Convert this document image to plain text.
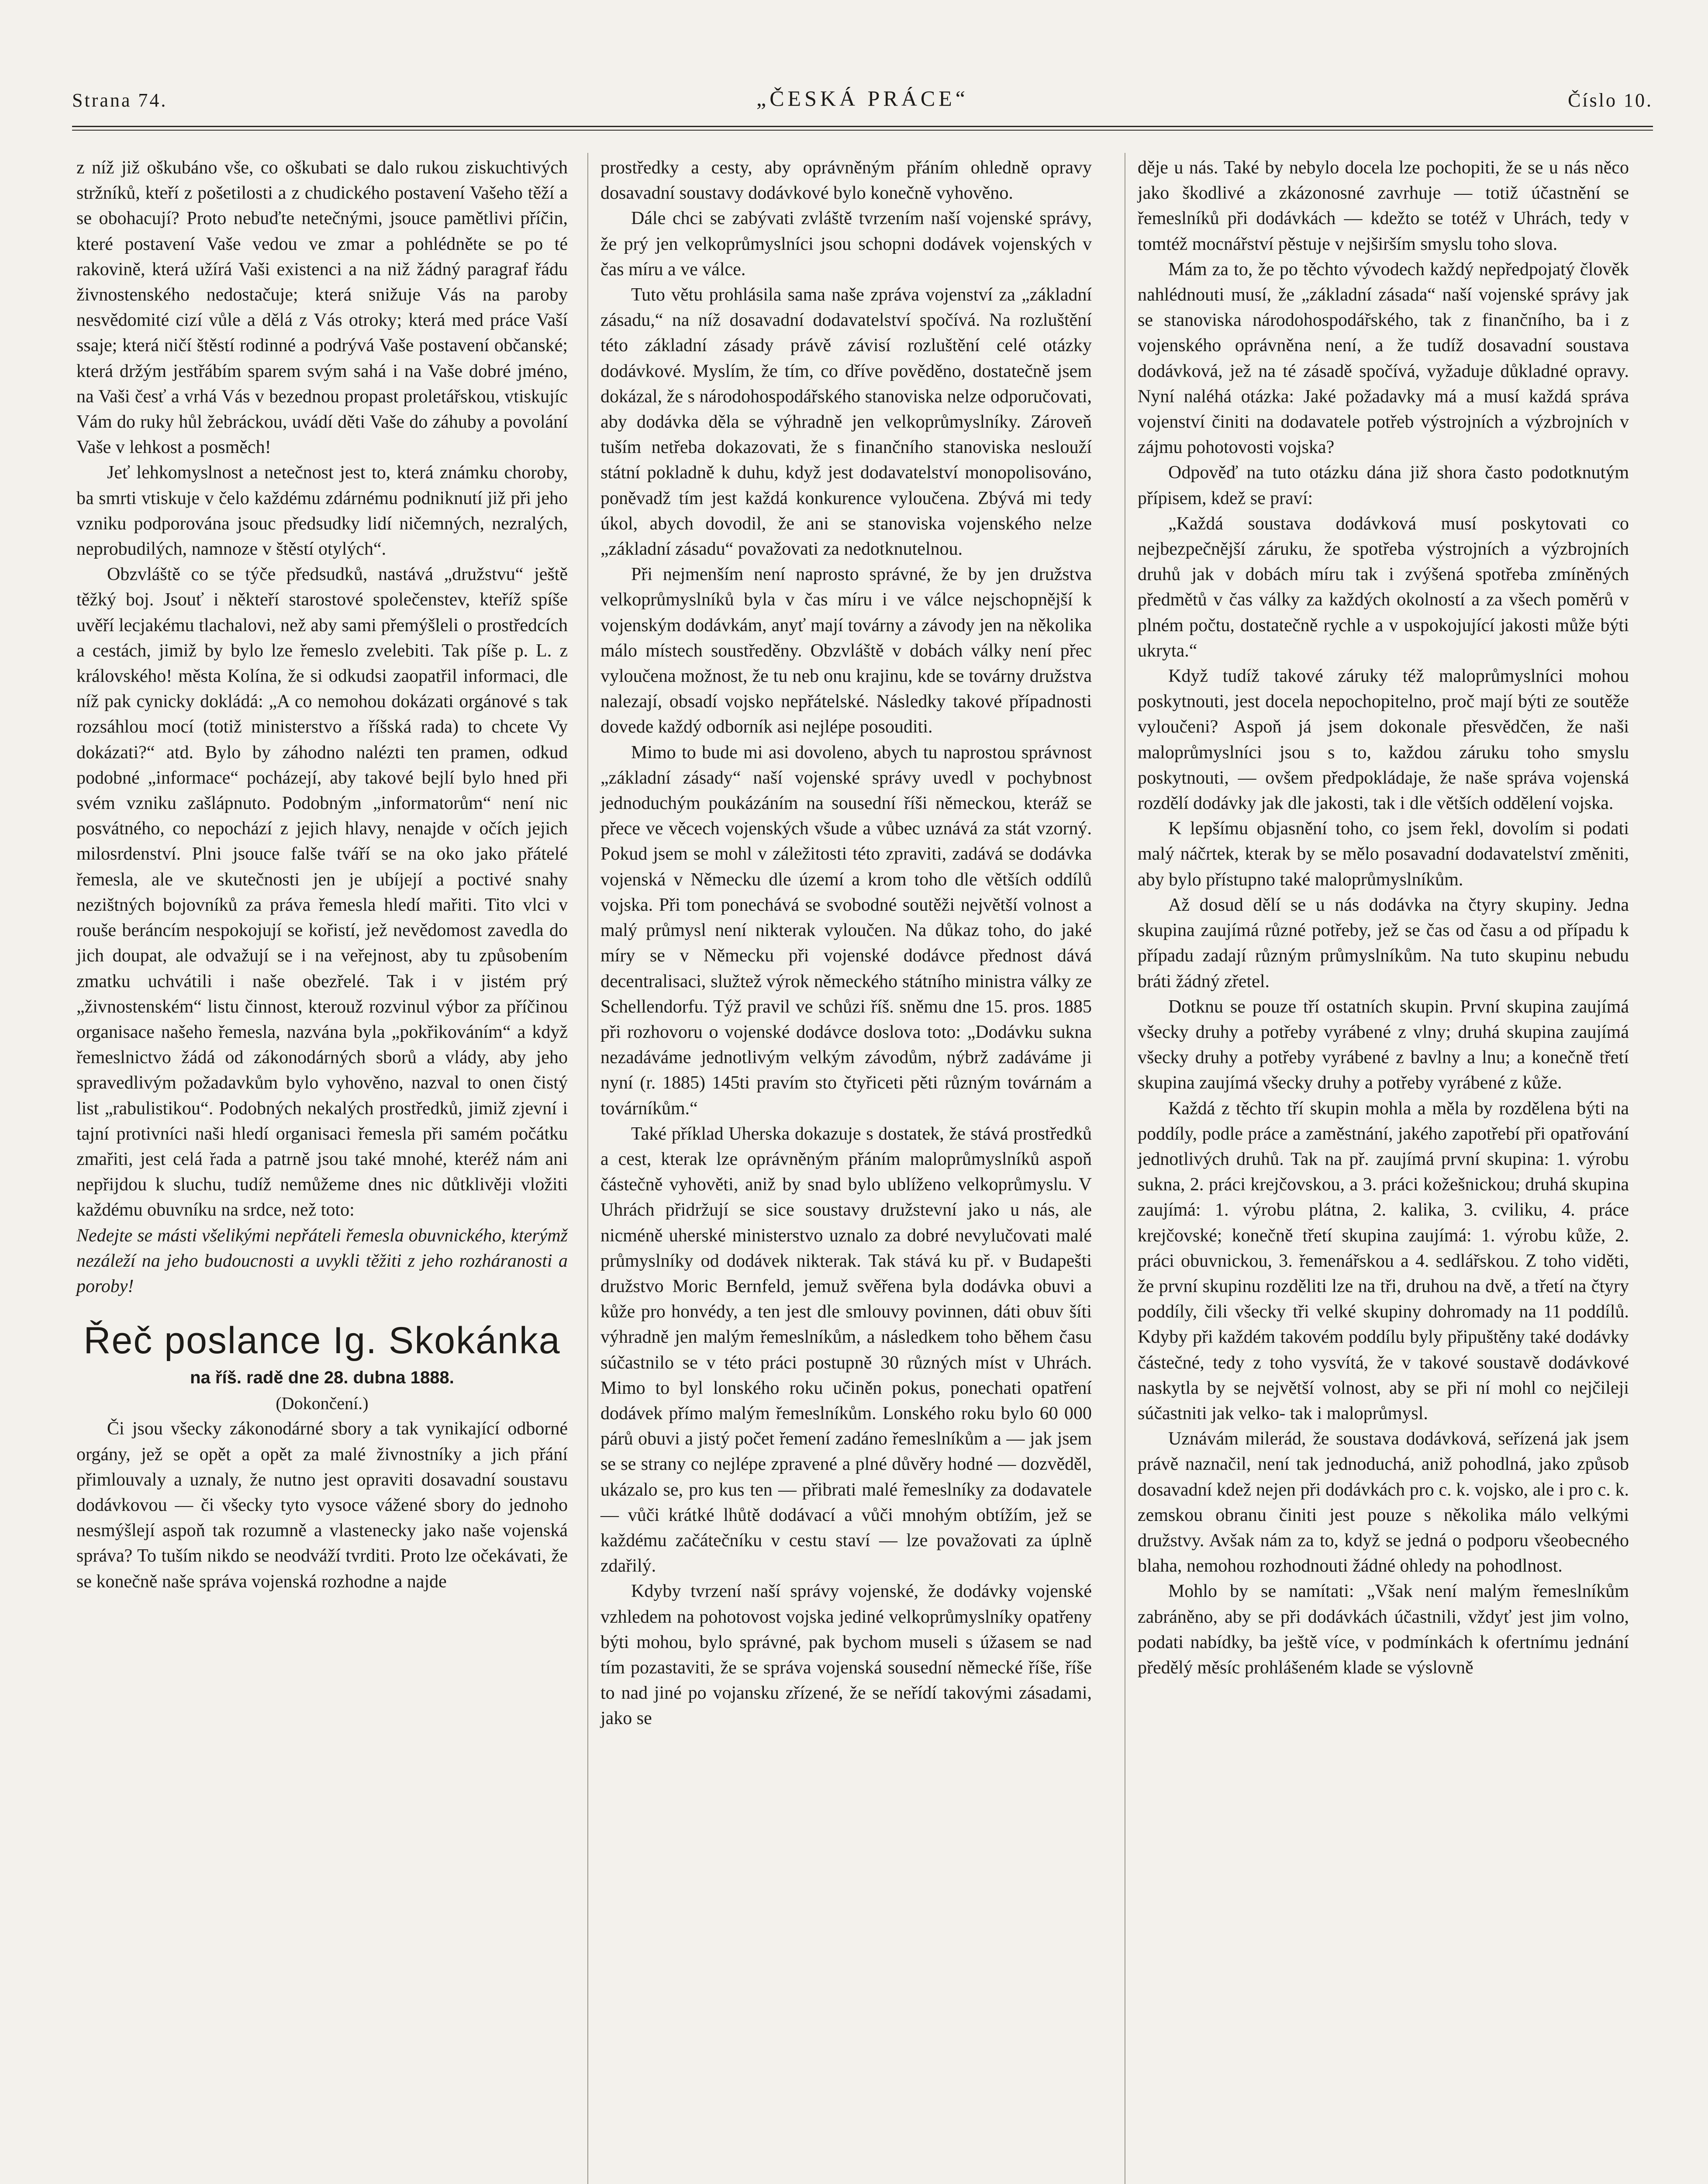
Strana 74.	„ČESKÁ PRÁCE“	Číslo 10.

z níž již oškubáno vše, co oškubati se dalo rukou ziskuchtivých stržníků, kteří z pošetilosti a z chudického postavení Vašeho těží a se obohacují? Proto nebuďte netečnými, jsouce pamětlivi příčin, které postavení Vaše vedou ve zmar a pohlédněte se po té rakovině, která užírá Vaši existenci a na niž žádný paragraf řádu živnostenského nedostačuje; která snižuje Vás na paroby nesvědomité cizí vůle a dělá z Vás otroky; která med práce Vaší ssaje; která ničí štěstí rodinné a podrývá Vaše postavení občanské; která držým jestřábím sparem svým sahá i na Vaše dobré jméno, na Vaši česť a vrhá Vás v bezednou propast proletářskou, vtiskujíc Vám do ruky hůl žebráckou, uvádí děti Vaše do záhuby a povolání Vaše v lehkost a posměch!

Jeť lehkomyslnost a netečnost jest to, která známku choroby, ba smrti vtiskuje v čelo každému zdárnému podniknutí již při jeho vzniku podporována jsouc předsudky lidí ničemných, nezralých, neprobudilých, namnoze v štěstí otylých“.

Obzvláště co se týče předsudků, nastává „družstvu“ ještě těžký boj. Jsouť i někteří starostové společenstev, kteříž spíše uvěří lecjakému tlachalovi, než aby sami přemýšleli o prostředcích a cestách, jimiž by bylo lze řemeslo zvelebiti. Tak píše p. L. z královského! města Kolína, že si odkudsi zaopatřil informaci, dle níž pak cynicky dokládá: „A co nemohou dokázati orgánové s tak rozsáhlou mocí (totiž ministerstvo a říšská rada) to chcete Vy dokázati?“ atd. Bylo by záhodno nalézti ten pramen, odkud podobné „informace“ pocházejí, aby takové bejlí bylo hned při svém vzniku zašlápnuto. Podobným „informatorům“ není nic posvátného, co nepochází z jejich hlavy, nenajde v očích jejich milosrdenství. Plni jsouce falše tváří se na oko jako přátelé řemesla, ale ve skutečnosti jen je ubíjejí a poctivé snahy nezištných bojovníků za práva řemesla hledí mařiti. Tito vlci v rouše beráncím nespokojují se kořistí, jež nevědomost zavedla do jich doupat, ale odvažují se i na veřejnost, aby tu způsobením zmatku uchvátili i naše obezřelé. Tak i v jistém prý „živnostenském“ listu činnost, kterouž rozvinul výbor za příčinou organisace našeho řemesla, nazvána byla „pokřikováním“ a když řemeslnictvo žádá od zákonodárných sborů a vlády, aby jeho spravedlivým požadavkům bylo vyhověno, nazval to onen čistý list „rabulistikou“. Podobných nekalých prostředků, jimiž zjevní i tajní protivníci naši hledí organisaci řemesla při samém počátku zmařiti, jest celá řada a patrně jsou také mnohé, kteréž nám ani nepřijdou k sluchu, tudíž nemůžeme dnes nic důtklivěji vložiti každému obuvníku na srdce, než toto:

Nedejte se másti všelikými nepřáteli řemesla obuvnického, kterýmž nezáleží na jeho budoucnosti a uvykli těžiti z jeho rozháranosti a poroby!

Řeč poslance Ig. Skokánka

na říš. radě dne 28. dubna 1888.

(Dokončení.)

Či jsou všecky zákonodárné sbory a tak vynikající odborné orgány, jež se opět a opět za malé živnostníky a jich přání přimlouvaly a uznaly, že nutno jest opraviti dosavadní soustavu dodávkovou — či všecky tyto vysoce vážené sbory do jednoho nesmýšlejí aspoň tak rozumně a vlastenecky jako naše vojenská správa? To tuším nikdo se neodváží tvrditi. Proto lze očekávati, že se konečně naše správa vojenská rozhodne a najde

prostředky a cesty, aby oprávněným přáním ohledně opravy dosavadní soustavy dodávkové bylo konečně vyhověno.

Dále chci se zabývati zvláště tvrzením naší vojenské správy, že prý jen velkoprůmyslníci jsou schopni dodávek vojenských v čas míru a ve válce.

Tuto větu prohlásila sama naše zpráva vojenství za „základní zásadu,“ na níž dosavadní dodavatelství spočívá. Na rozluštění této základní zásady právě závisí rozluštění celé otázky dodávkové. Myslím, že tím, co dříve pověděno, dostatečně jsem dokázal, že s národohospodářského stanoviska nelze odporučovati, aby dodávka děla se výhradně jen velkoprůmyslníky. Zároveň tuším netřeba dokazovati, že s finančního stanoviska neslouží státní pokladně k duhu, když jest dodavatelství monopolisováno, poněvadž tím jest každá konkurence vyloučena. Zbývá mi tedy úkol, abych dovodil, že ani se stanoviska vojenského nelze „základní zásadu“ považovati za nedotknutelnou.

Při nejmenším není naprosto správné, že by jen družstva velkoprůmyslníků byla v čas míru i ve válce nejschopnější k vojenským dodávkám, anyť mají továrny a závody jen na několika málo místech soustředěny. Obzvláště v dobách války není přec vyloučena možnost, že tu neb onu krajinu, kde se továrny družstva nalezají, obsadí vojsko nepřátelské. Následky takové případnosti dovede každý odborník asi nejlépe posouditi.

Mimo to bude mi asi dovoleno, abych tu naprostou správnost „základní zásady“ naší vojenské správy uvedl v pochybnost jednoduchým poukázáním na sousední říši německou, kteráž se přece ve věcech vojenských všude a vůbec uznává za stát vzorný. Pokud jsem se mohl v záležitosti této zpraviti, zadává se dodávka vojenská v Německu dle území a krom toho dle větších oddílů vojska. Při tom ponechává se svobodné soutěži největší volnost a malý průmysl není nikterak vyloučen. Na důkaz toho, do jaké míry se v Německu při vojenské dodávce přednost dává decentralisaci, služtež výrok německého státního ministra války ze Schellendorfu. Týž pravil ve schůzi říš. sněmu dne 15. pros. 1885 při rozhovoru o vojenské dodávce doslova toto: „Dodávku sukna nezadáváme jednotlivým velkým závodům, nýbrž zadáváme ji nyní (r. 1885) 145ti pravím sto čtyřiceti pěti různým továrnám a továrníkům.“

Také příklad Uherska dokazuje s dostatek, že stává prostředků a cest, kterak lze oprávněným přáním maloprůmyslníků aspoň částečně vyhověti, aniž by snad bylo ublíženo velkoprůmyslu. V Uhrách přidržují se sice soustavy družstevní jako u nás, ale nicméně uherské ministerstvo uznalo za dobré nevylučovati malé průmyslníky od dodávek nikterak. Tak stává ku př. v Budapešti družstvo Moric Bernfeld, jemuž svěřena byla dodávka obuvi a kůže pro honvédy, a ten jest dle smlouvy povinnen, dáti obuv šíti výhradně jen malým řemeslníkům, a následkem toho během času súčastnilo se v této práci postupně 30 různých míst v Uhrách. Mimo to byl lonského roku učiněn pokus, ponechati opatření dodávek přímo malým řemeslníkům. Lonského roku bylo 60 000 párů obuvi a jistý počet řemení zadáno řemeslníkům a — jak jsem se se strany co nejlépe zpravené a plné důvěry hodné — dozvěděl, ukázalo se, pro kus ten — přibrati malé řemeslníky za dodavatele — vůči krátké lhůtě dodávací a vůči mnohým obtížím, jež se každému začátečníku v cestu staví — lze považovati za úplně zdařilý.

Kdyby tvrzení naší správy vojenské, že dodávky vojenské vzhledem na pohotovost vojska jediné velkoprůmyslníky opatřeny býti mohou, bylo správné, pak bychom museli s úžasem se nad tím pozastaviti, že se správa vojenská sousední německé říše, říše to nad jiné po vojansku zřízené, že se neřídí takovými zásadami, jako se

děje u nás. Také by nebylo docela lze pochopiti, že se u nás něco jako škodlivé a zkázonosné zavrhuje — totiž účastnění se řemeslníků při dodávkách — kdežto se totéž v Uhrách, tedy v tomtéž mocnářství pěstuje v nejširším smyslu toho slova.

Mám za to, že po těchto vývodech každý nepředpojatý člověk nahlédnouti musí, že „základní zásada“ naší vojenské správy jak se stanoviska národohospodářského, tak z finančního, ba i z vojenského oprávněna není, a že tudíž dosavadní soustava dodávková, jež na té zásadě spočívá, vyžaduje důkladné opravy. Nyní naléhá otázka: Jaké požadavky má a musí každá správa vojenství činiti na dodavatele potřeb výstrojních a výzbrojních v zájmu pohotovosti vojska?

Odpověď na tuto otázku dána již shora často podotknutým přípisem, kdež se praví:

„Každá soustava dodávková musí poskytovati co nejbezpečnější záruku, že spotřeba výstrojních a výzbrojních druhů jak v dobách míru tak i zvýšená spotřeba zmíněných předmětů v čas války za každých okolností a za všech poměrů v plném počtu, dostatečně rychle a v uspokojující jakosti může býti ukryta.“

Když tudíž takové záruky též maloprůmyslníci mohou poskytnouti, jest docela nepochopitelno, proč mají býti ze soutěže vyloučeni? Aspoň já jsem dokonale přesvědčen, že naši maloprůmyslníci jsou s to, každou záruku toho smyslu poskytnouti, — ovšem předpokládaje, že naše správa vojenská rozdělí dodávky jak dle jakosti, tak i dle větších oddělení vojska.

K lepšímu objasnění toho, co jsem řekl, dovolím si podati malý náčrtek, kterak by se mělo posavadní dodavatelství změniti, aby bylo přístupno také maloprůmyslníkům.

Až dosud dělí se u nás dodávka na čtyry skupiny. Jedna skupina zaujímá různé potřeby, jež se čas od času a od případu k případu zadají různým průmyslníkům. Na tuto skupinu nebudu bráti žádný zřetel.

Dotknu se pouze tří ostatních skupin. První skupina zaujímá všecky druhy a potřeby vyrábené z vlny; druhá skupina zaujímá všecky druhy a potřeby vyrábené z bavlny a lnu; a konečně třetí skupina zaujímá všecky druhy a potřeby vyrábené z kůže.

Každá z těchto tří skupin mohla a měla by rozdělena býti na poddíly, podle práce a zaměstnání, jakého zapotřebí při opatřování jednotlivých druhů. Tak na př. zaujímá první skupina: 1. výrobu sukna, 2. práci krejčovskou, a 3. práci kožešnickou; druhá skupina zaujímá: 1. výrobu plátna, 2. kalika, 3. cviliku, 4. práce krejčovské; konečně třetí skupina zaujímá: 1. výrobu kůže, 2. práci obuvnickou, 3. řemenářskou a 4. sedlářskou. Z toho viděti, že první skupinu rozděliti lze na tři, druhou na dvě, a třetí na čtyry poddíly, čili všecky tři velké skupiny dohromady na 11 poddílů. Kdyby při každém takovém poddílu byly připuštěny také dodávky částečné, tedy z toho vysvítá, že v takové soustavě dodávkové naskytla by se největší volnost, aby se při ní mohl co nejčileji súčastniti jak velko- tak i maloprůmysl.

Uznávám milerád, že soustava dodávková, seřízená jak jsem právě naznačil, není tak jednoduchá, aniž pohodlná, jako způsob dosavadní kdež nejen při dodávkách pro c. k. vojsko, ale i pro c. k. zemskou obranu činiti jest pouze s několika málo velkými družstvy. Avšak nám za to, když se jedná o podporu všeobecného blaha, nemohou rozhodnouti žádné ohledy na pohodlnost.

Mohlo by se namítati: „Však není malým řemeslníkům zabráněno, aby se při dodávkách účastnili, vždyť jest jim volno, podati nabídky, ba ještě více, v podmínkách k ofertnímu jednání předělý měsíc prohlášeném klade se výslovně
